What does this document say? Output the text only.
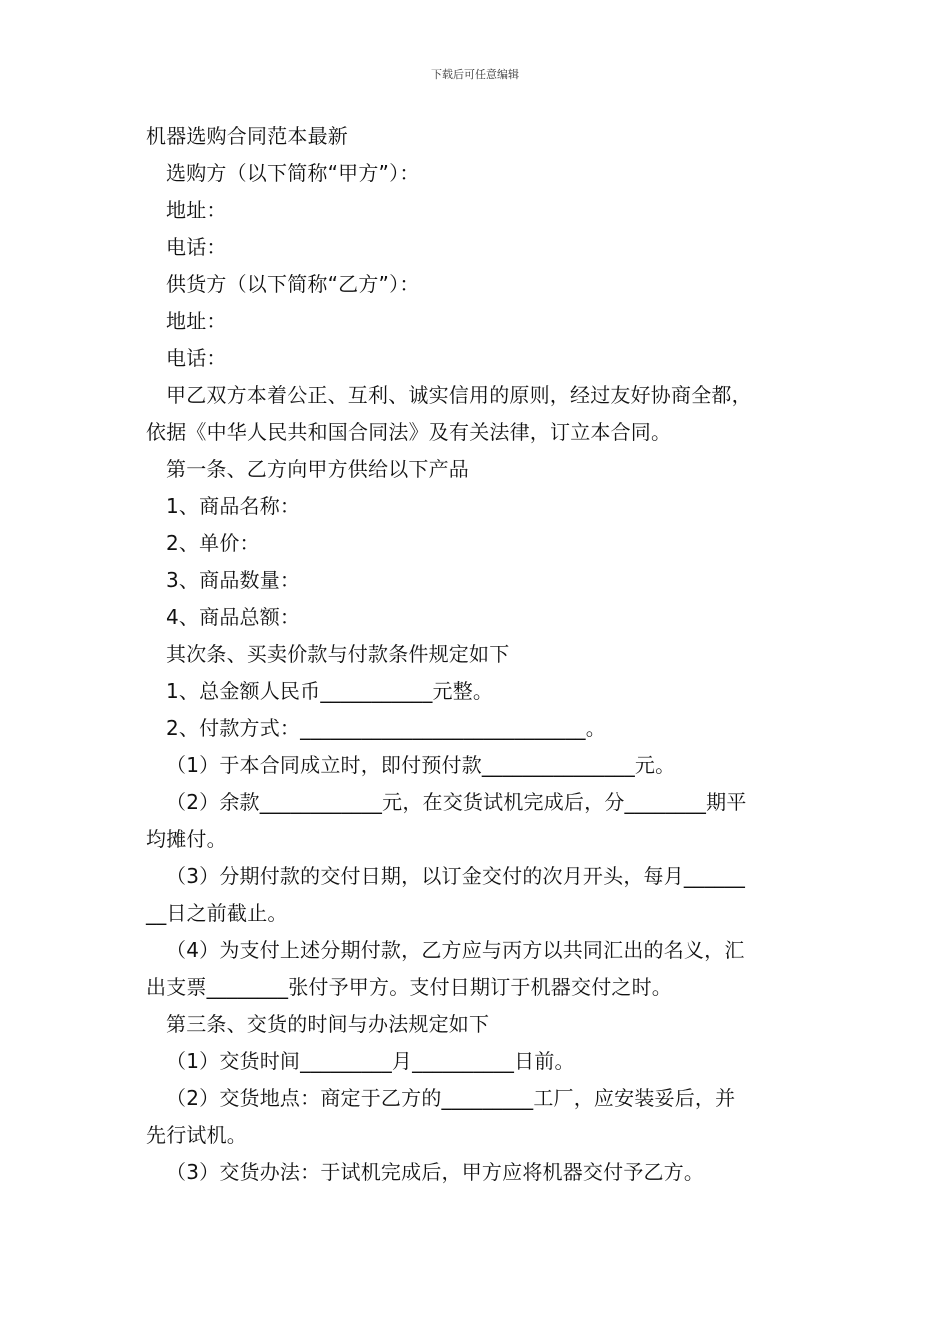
下载后可任意编辑

机器选购合同范本最新

选购方（以下简称“甲方”）：

地址：

电话：

供货方（以下简称“乙方”）：

地址：

电话：

甲乙双方本着公正、互利、诚实信用的原则，经过友好协商全都，

依据《中华人民共和国合同法》及有关法律，订立本合同。

第一条、乙方向甲方供给以下产品

1、商品名称：

2、单价：

3、商品数量：

4、商品总额：

其次条、买卖价款与付款条件规定如下

1、总金额人民币___________元整。

2、付款方式：____________________________。

（1）于本合同成立时，即付预付款_______________元。

（2）余款____________元，在交货试机完成后，分________期平

均摊付。

（3）分期付款的交付日期，以订金交付的次月开头，每月______

__日之前截止。

（4）为支付上述分期付款，乙方应与丙方以共同汇出的名义，汇

出支票________张付予甲方。支付日期订于机器交付之时。

第三条、交货的时间与办法规定如下

（1）交货时间_________月__________日前。

（2）交货地点：商定于乙方的_________工厂，应安装妥后，并

先行试机。

（3）交货办法：于试机完成后，甲方应将机器交付予乙方。
